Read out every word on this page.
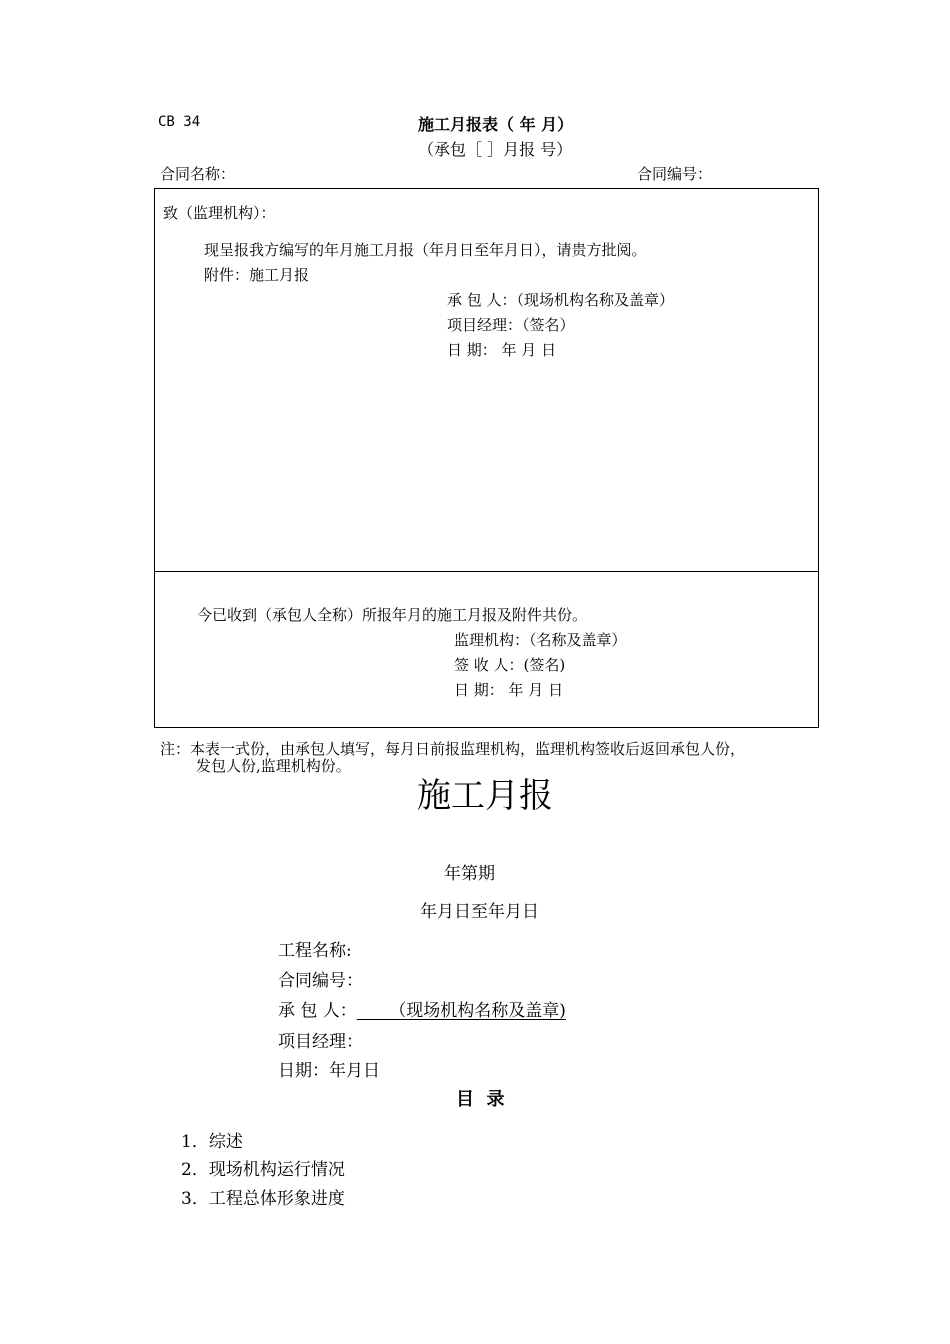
CB 34	施工月报表（ 年 月）
（承包［ ］月报 号）
合同名称：	合同编号：
致（监理机构）：
现呈报我方编写的年月施工月报（年月日至年月日），请贵方批阅。
附件：施工月报
承 包 人：（现场机构名称及盖章）
项目经理：（签名）
日 期： 年 月 日
今已收到（承包人全称）所报年月的施工月报及附件共份。
监理机构：（名称及盖章）
签 收 人：(签名)
日 期： 年 月 日
注：本表一式份，由承包人填写，每月日前报监理机构，监理机构签收后返回承包人份，
发包人份,监理机构份。
施工月报
年第期
年月日至年月日
工程名称:
合同编号：
承 包 人：      （现场机构名称及盖章)
项目经理：
日期：年月日
目  录
1．综述
2．现场机构运行情况
3．工程总体形象进度
